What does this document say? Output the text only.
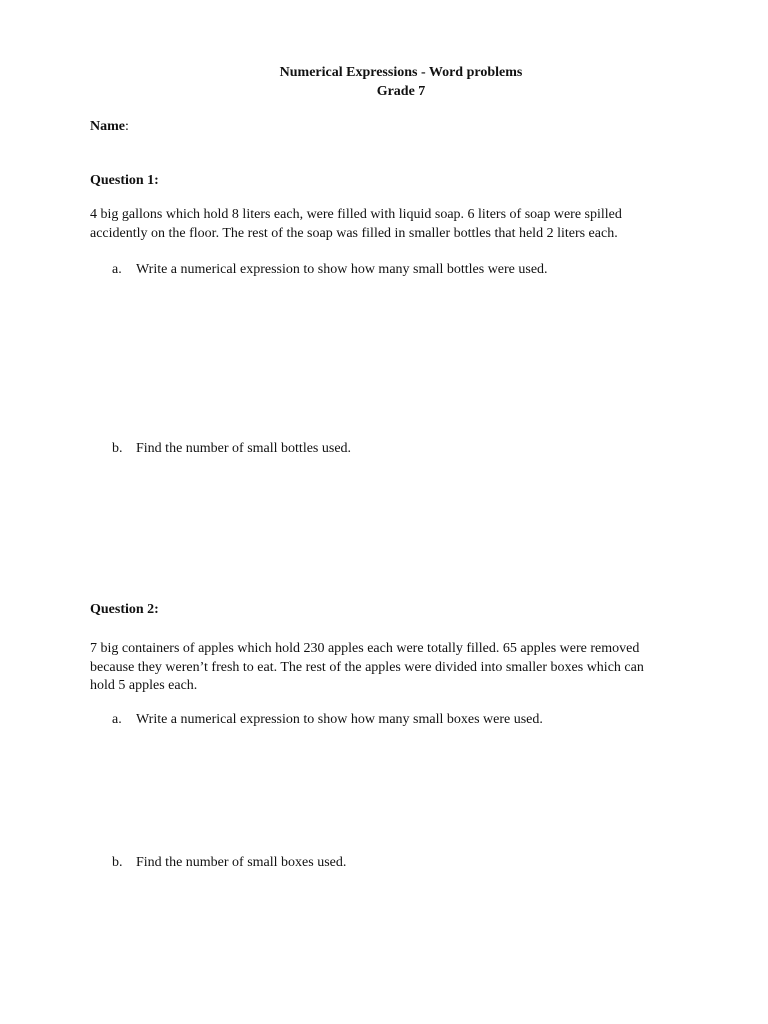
Numerical Expressions - Word problems
Grade 7
Name:
Question 1:
4 big gallons which hold 8 liters each, were filled with liquid soap. 6 liters of soap were spilled
accidently on the floor. The rest of the soap was filled in smaller bottles that held 2 liters each.
a. Write a numerical expression to show how many small bottles were used.
b. Find the number of small bottles used.
Question 2:
7 big containers of apples which hold 230 apples each were totally filled. 65 apples were removed
because they weren’t fresh to eat. The rest of the apples were divided into smaller boxes which can
hold 5 apples each.
a. Write a numerical expression to show how many small boxes were used.
b. Find the number of small boxes used.
